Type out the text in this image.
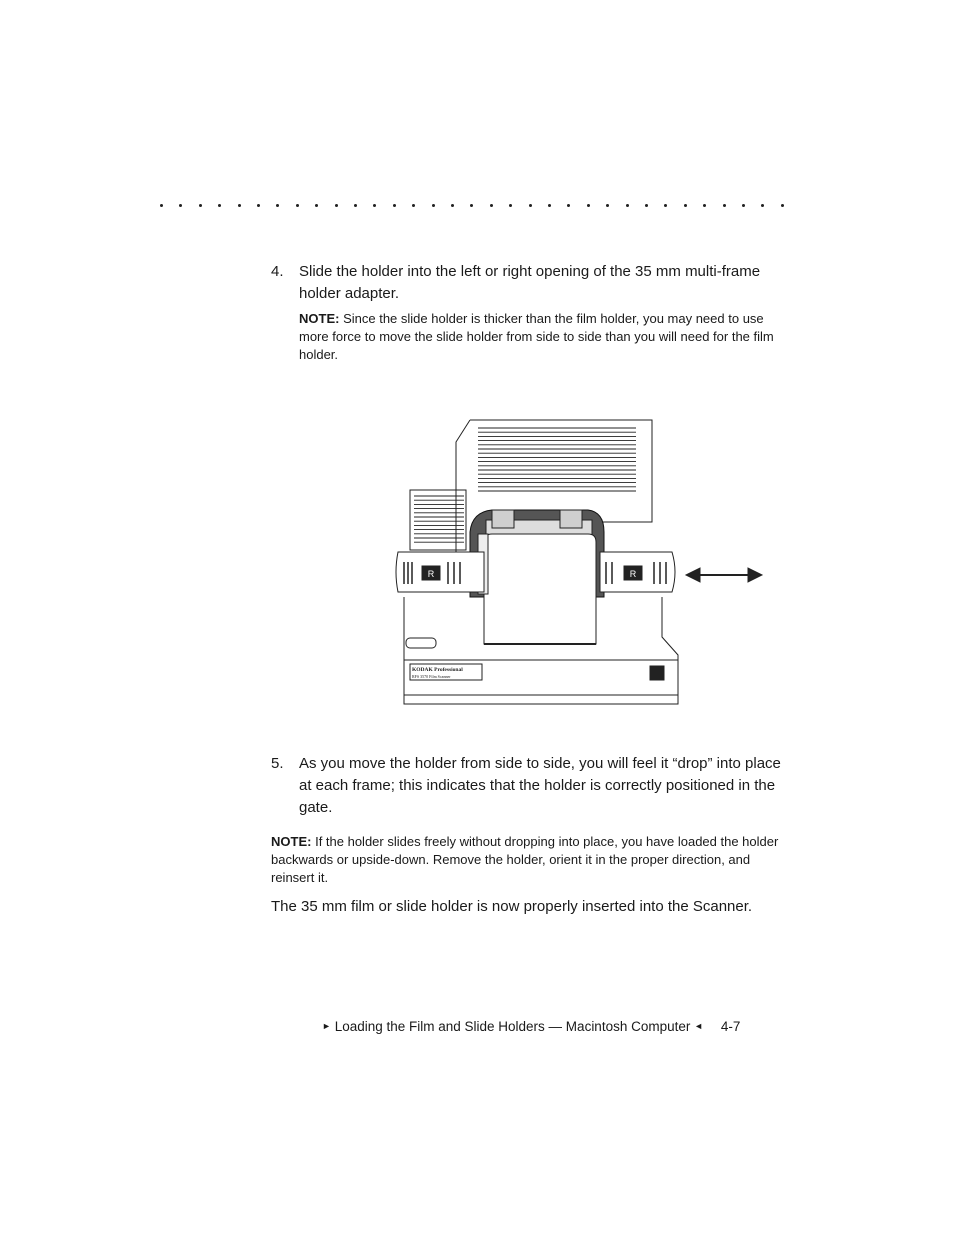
4. Slide the holder into the left or right opening of the 35 mm multi-frame holder adapter.
NOTE: Since the slide holder is thicker than the film holder, you may need to use more force to move the slide holder from side to side than you will need for the film holder.
R	R
KODAK Professional
RFS 3570 Film Scanner
5. As you move the holder from side to side, you will feel it “drop” into place at each frame; this indicates that the holder is correctly positioned in the gate.
NOTE: If the holder slides freely without dropping into place, you have loaded the holder backwards or upside-down. Remove the holder, orient it in the proper direction, and reinsert it.
The 35 mm film or slide holder is now properly inserted into the Scanner.
► Loading the Film and Slide Holders — Macintosh Computer ◄ 4-7
